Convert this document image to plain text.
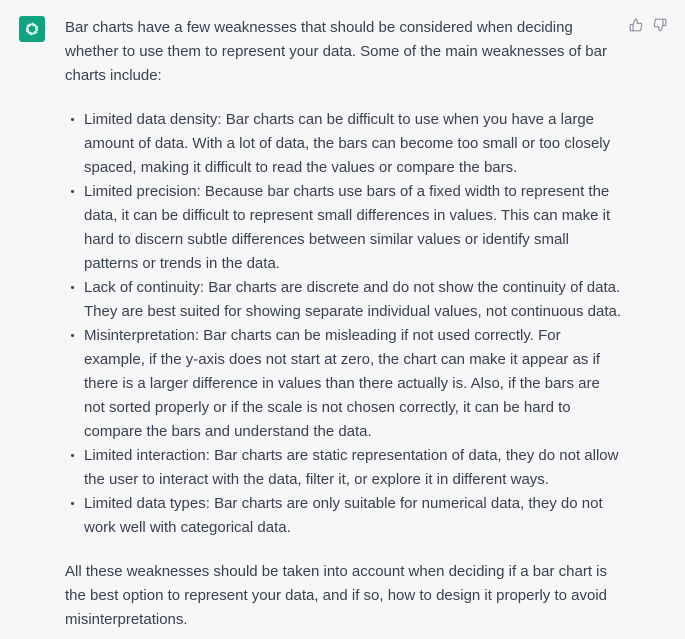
Bar charts have a few weaknesses that should be considered when deciding whether to use them to represent your data. Some of the main weaknesses of bar charts include:

Limited data density: Bar charts can be difficult to use when you have a large amount of data. With a lot of data, the bars can become too small or too closely spaced, making it difficult to read the values or compare the bars.
Limited precision: Because bar charts use bars of a fixed width to represent the data, it can be difficult to represent small differences in values. This can make it hard to discern subtle differences between similar values or identify small patterns or trends in the data.
Lack of continuity: Bar charts are discrete and do not show the continuity of data. They are best suited for showing separate individual values, not continuous data.
Misinterpretation: Bar charts can be misleading if not used correctly. For example, if the y-axis does not start at zero, the chart can make it appear as if there is a larger difference in values than there actually is. Also, if the bars are not sorted properly or if the scale is not chosen correctly, it can be hard to compare the bars and understand the data.
Limited interaction: Bar charts are static representation of data, they do not allow the user to interact with the data, filter it, or explore it in different ways.
Limited data types: Bar charts are only suitable for numerical data, they do not work well with categorical data.

All these weaknesses should be taken into account when deciding if a bar chart is the best option to represent your data, and if so, how to design it properly to avoid misinterpretations.
